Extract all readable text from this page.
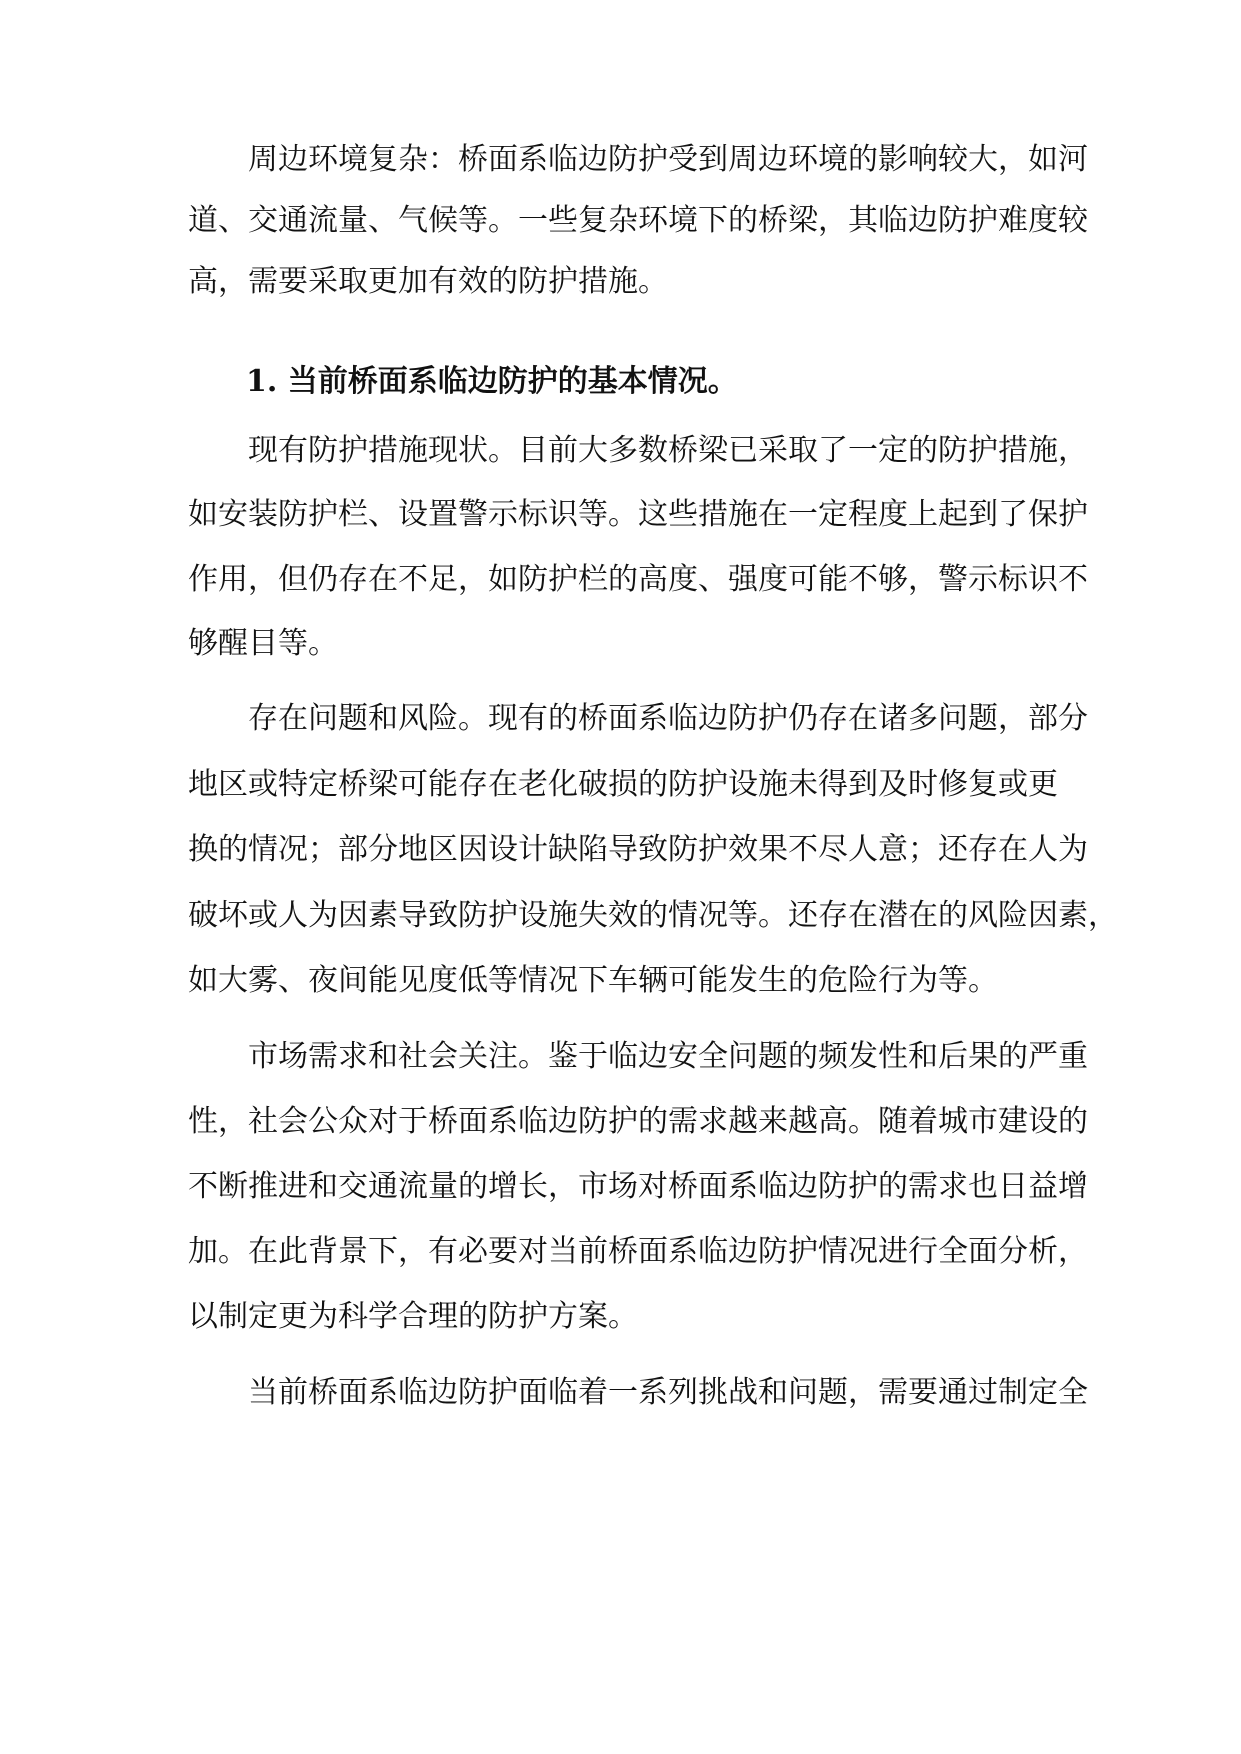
周边环境复杂：桥面系临边防护受到周边环境的影响较大，如河

道、交通流量、气候等。一些复杂环境下的桥梁，其临边防护难度较

高，需要采取更加有效的防护措施。

1. 当前桥面系临边防护的基本情况。

现有防护措施现状。目前大多数桥梁已采取了一定的防护措施，

如安装防护栏、设置警示标识等。这些措施在一定程度上起到了保护

作用，但仍存在不足，如防护栏的高度、强度可能不够，警示标识不

够醒目等。

存在问题和风险。现有的桥面系临边防护仍存在诸多问题，部分

地区或特定桥梁可能存在老化破损的防护设施未得到及时修复或更

换的情况；部分地区因设计缺陷导致防护效果不尽人意；还存在人为

破坏或人为因素导致防护设施失效的情况等。还存在潜在的风险因素，

如大雾、夜间能见度低等情况下车辆可能发生的危险行为等。

市场需求和社会关注。鉴于临边安全问题的频发性和后果的严重

性，社会公众对于桥面系临边防护的需求越来越高。随着城市建设的

不断推进和交通流量的增长，市场对桥面系临边防护的需求也日益增

加。在此背景下，有必要对当前桥面系临边防护情况进行全面分析，

以制定更为科学合理的防护方案。

当前桥面系临边防护面临着一系列挑战和问题，需要通过制定全
